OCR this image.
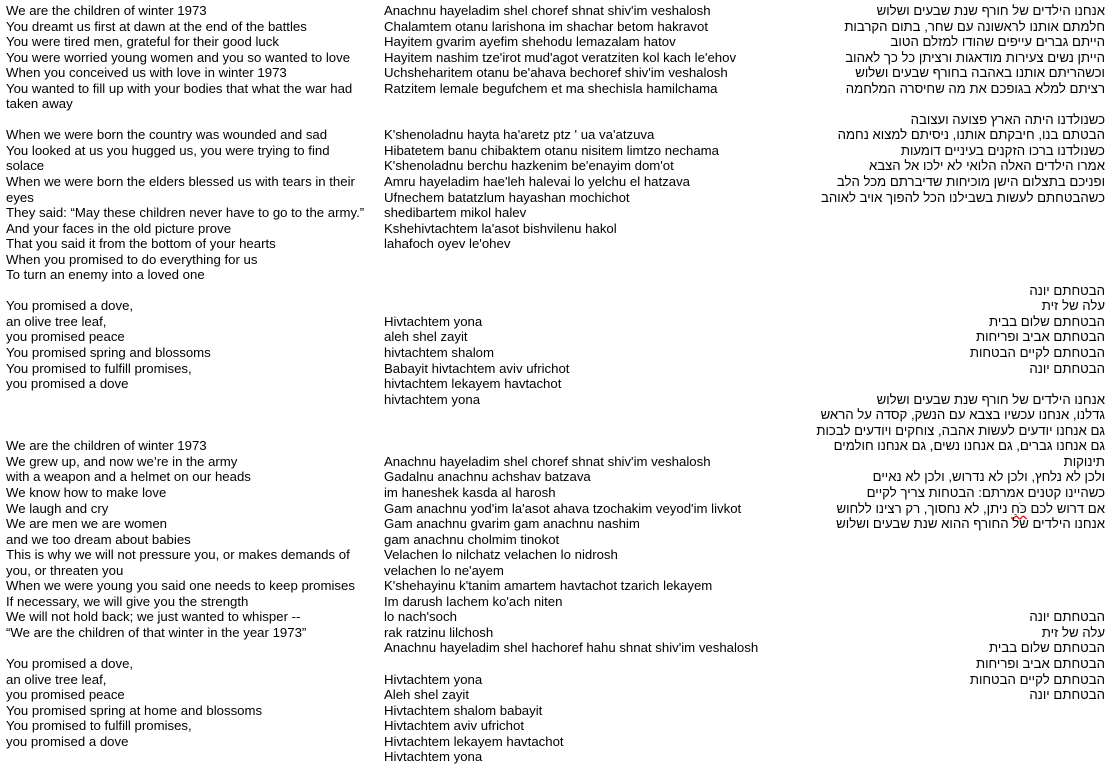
We are the children of winter 1973
You dreamt us first at dawn at the end of the battles
You were tired men, grateful for their good luck
You were worried young women and you so wanted to love
When you conceived us with love in winter 1973
You wanted to fill up with your bodies that what the war had taken away
When we were born the country was wounded and sad
You looked at us you hugged us, you were trying to find solace
When we were born the elders blessed us with tears in their eyes
They said: “May these children never have to go to the army.”
And your faces in the old picture prove
That you said it from the bottom of your hearts
When you promised to do everything for us
To turn an enemy into a loved one
You promised a dove,
an olive tree leaf,
you promised peace
You promised spring and blossoms
You promised to fulfill promises,
you promised a dove
We are the children of winter 1973
We grew up, and now we’re in the army
with a weapon and a helmet on our heads
We know how to make love
We laugh and cry
We are men we are women
and we too dream about babies
This is why we will not pressure you, or makes demands of you, or threaten you
When we were young you said one needs to keep promises
If necessary, we will give you the strength
We will not hold back; we just wanted to whisper --
“We are the children of that winter in the year 1973”
You promised a dove,
an olive tree leaf,
you promised peace
You promised spring at home and blossoms
You promised to fulfill promises,
you promised a dove
Anachnu hayeladim shel choref shnat shiv'im veshalosh
Chalamtem otanu larishona im shachar betom hakravot
Hayitem gvarim ayefim shehodu lemazalam hatov
Hayitem nashim tze'irot mud'agot veratziten kol kach le'ehov
Uchsheharitem otanu be'ahava bechoref shiv'im veshalosh
Ratzitem lemale begufchem et ma shechisla hamilchama
K'shenoladnu hayta ha'aretz ptz ' ua va'atzuva
Hibatetem banu chibaktem otanu nisitem limtzo nechama
K'shenoladnu berchu hazkenim be'enayim dom'ot
Amru hayeladim hae'leh halevai lo yelchu el hatzava
Ufnechem batatzlum hayashan mochichot
shedibartem mikol halev
Kshehivtachtem la'asot bishvilenu hakol
lahafoch oyev le'ohev
Hivtachtem yona
aleh shel zayit
hivtachtem shalom
Babayit hivtachtem aviv ufrichot
hivtachtem lekayem havtachot
hivtachtem yona
Anachnu hayeladim shel choref shnat shiv'im veshalosh
Gadalnu anachnu achshav batzava
im haneshek kasda al harosh
Gam anachnu yod'im la'asot ahava tzochakim veyod'im livkot
Gam anachnu gvarim gam anachnu nashim
gam anachnu cholmim tinokot
Velachen lo nilchatz velachen lo nidrosh
velachen lo ne'ayem
K'shehayinu k'tanim amartem havtachot tzarich lekayem
Im darush lachem ko'ach niten
lo nach'soch
rak ratzinu lilchosh
Anachnu hayeladim shel hachoref hahu shnat shiv'im veshalosh
Hivtachtem yona
Aleh shel zayit
Hivtachtem shalom babayit
Hivtachtem aviv ufrichot
Hivtachtem lekayem havtachot
Hivtachtem yona
אנחנו הילדים של חורף שנת שבעים ושלוש
חלמתם אותנו לראשונה עם שחר, בתום הקרבות
הייתם גברים עייפים שהודו למזלם הטוב
הייתן נשים צעירות מודאגות ורציתן כל כך לאהוב
וכשהריתם אותנו באהבה בחורף שבעים ושלוש
רציתם למלא בגופכם את מה שחיסרה המלחמה
כשנולדנו היתה הארץ פצועה ועצובה
הבטתם בנו, חיבקתם אותנו, ניסיתם למצוא נחמה
כשנולדנו ברכו הזקנים בעיניים דומעות
אמרו הילדים האלה הלואי לא ילכו אל הצבא
ופניכם בתצלום הישן מוכיחות שדיברתם מכל הלב
כשהבטחתם לעשות בשבילנו הכל להפוך אויב לאוהב
הבטחתם יונה
עלה של זית
הבטחתם שלום בבית
הבטחתם אביב ופריחות
הבטחתם לקיים הבטחות
הבטחתם יונה
אנחנו הילדים של חורף שנת שבעים ושלוש
גדלנו, אנחנו עכשיו בצבא עם הנשק, קסדה על הראש
גם אנחנו יודעים לעשות אהבה, צוחקים ויודעים לבכות
גם אנחנו גברים, גם אנחנו נשים, גם אנחנו חולמים תינוקות
ולכן לא נלחץ, ולכן לא נדרוש, ולכן לא נאיים
כשהיינו קטנים אמרתם: הבטחות צריך לקיים
אם דרוש לכם כֹּחַ ניתן, לא נחסוך, רק רצינו ללחוש
אנחנו הילדים של החורף ההוא שנת שבעים ושלוש
הבטחתם יונה
עלה של זית
הבטחתם שלום בבית
הבטחתם אביב ופריחות
הבטחתם לקיים הבטחות
הבטחתם יונה
